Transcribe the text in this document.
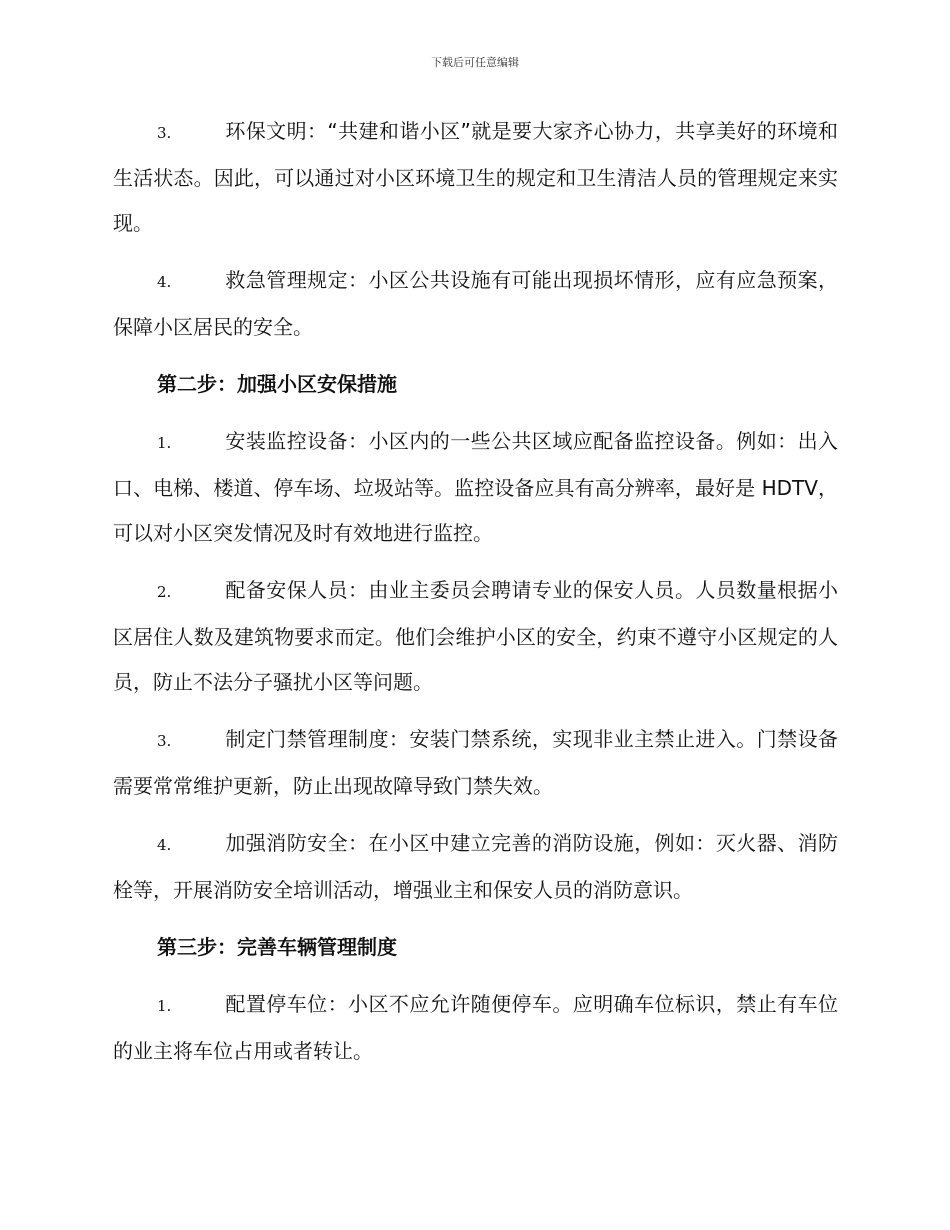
下载后可任意编辑

3.	环保文明：“共建和谐小区”就是要大家齐心协力，共享美好的环境和生活状态。因此，可以通过对小区环境卫生的规定和卫生清洁人员的管理规定来实现。

4.	救急管理规定：小区公共设施有可能出现损坏情形，应有应急预案，保障小区居民的安全。

第二步：加强小区安保措施

1.	安装监控设备：小区内的一些公共区域应配备监控设备。例如：出入口、电梯、楼道、停车场、垃圾站等。监控设备应具有高分辨率，最好是 HDTV，可以对小区突发情况及时有效地进行监控。

2.	配备安保人员：由业主委员会聘请专业的保安人员。人员数量根据小区居住人数及建筑物要求而定。他们会维护小区的安全，约束不遵守小区规定的人员，防止不法分子骚扰小区等问题。

3.	制定门禁管理制度：安装门禁系统，实现非业主禁止进入。门禁设备需要常常维护更新，防止出现故障导致门禁失效。

4.	加强消防安全：在小区中建立完善的消防设施，例如：灭火器、消防栓等，开展消防安全培训活动，增强业主和保安人员的消防意识。

第三步：完善车辆管理制度

1.	配置停车位：小区不应允许随便停车。应明确车位标识，禁止有车位的业主将车位占用或者转让。
